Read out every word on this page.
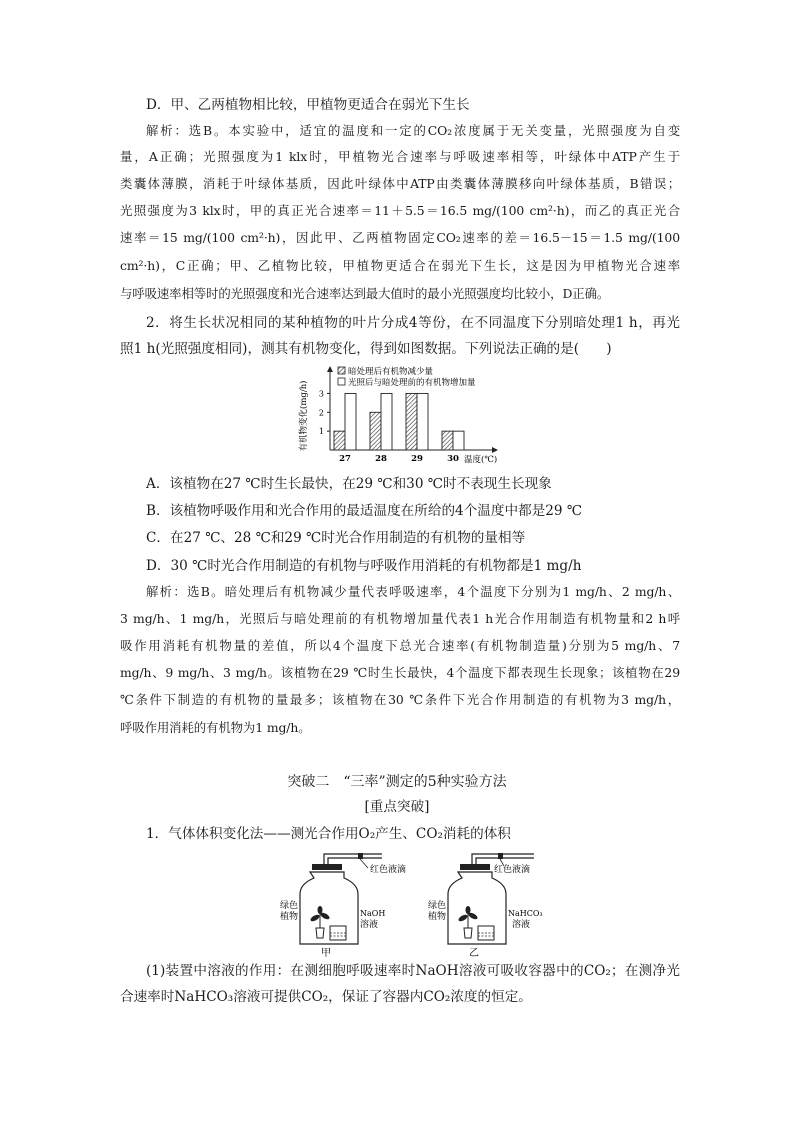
D．甲、乙两植物相比较，甲植物更适合在弱光下生长
解析：选B。本实验中，适宜的温度和一定的CO₂浓度属于无关变量，光照强度为自变
量，A正确；光照强度为1 klx时，甲植物光合速率与呼吸速率相等，叶绿体中ATP产生于
类囊体薄膜，消耗于叶绿体基质，因此叶绿体中ATP由类囊体薄膜移向叶绿体基质，B错误；
光照强度为3 klx时，甲的真正光合速率＝11＋5.5＝16.5 mg/(100 cm²·h)，而乙的真正光合
速率＝15 mg/(100 cm²·h)，因此甲、乙两植物固定CO₂速率的差＝16.5－15＝1.5 mg/(100
cm²·h)，C正确；甲、乙植物比较，甲植物更适合在弱光下生长，这是因为甲植物光合速率
与呼吸速率相等时的光照强度和光合速率达到最大值时的最小光照强度均比较小，D正确。
2．将生长状况相同的某种植物的叶片分成4等份，在不同温度下分别暗处理1 h，再光
照1 h(光照强度相同)，测其有机物变化，得到如图数据。下列说法正确的是(　　)
1
2
3
有机物变化(mg/h)
27	28	29	30 温度(℃)
暗处理后有机物减少量
光照后与暗处理前的有机物增加量
A．该植物在27 ℃时生长最快，在29 ℃和30 ℃时不表现生长现象
B．该植物呼吸作用和光合作用的最适温度在所给的4个温度中都是29 ℃
C．在27 ℃、28 ℃和29 ℃时光合作用制造的有机物的量相等
D．30 ℃时光合作用制造的有机物与呼吸作用消耗的有机物都是1 mg/h
解析：选B。暗处理后有机物减少量代表呼吸速率，4个温度下分别为1 mg/h、2 mg/h、
3 mg/h、1 mg/h，光照后与暗处理前的有机物增加量代表1 h光合作用制造有机物量和2 h呼
吸作用消耗有机物量的差值，所以4个温度下总光合速率(有机物制造量)分别为5 mg/h、7
mg/h、9 mg/h、3 mg/h。该植物在29 ℃时生长最快，4个温度下都表现生长现象；该植物在29
℃条件下制造的有机物的量最多；该植物在30 ℃条件下光合作用制造的有机物为3 mg/h，
呼吸作用消耗的有机物为1 mg/h。
突破二　“三率”测定的5种实验方法
[重点突破]
1．气体体积变化法——测光合作用O₂产生、CO₂消耗的体积
红色液滴
绿色
植物	NaOH
溶液
甲
红色液滴
绿色
植物	NaHCO₃
溶液
乙
(1)装置中溶液的作用：在测细胞呼吸速率时NaOH溶液可吸收容器中的CO₂；在测净光
合速率时NaHCO₃溶液可提供CO₂，保证了容器内CO₂浓度的恒定。
